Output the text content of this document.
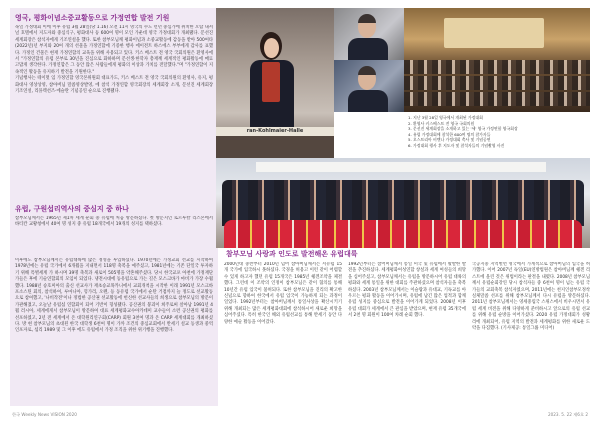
영국, 평화이념소중교활동으로 가정연합 발전 기원
독일 가정대회 이에 이후 유럽 3월 28일(당 1.16) 오전 11시 영국의 수도 런던 중심가에 위치한 오랍 내셔널 호텔에서 지도자와 중심식구, 평화대사 등 600여 명이 모인 가운데 영국 가정대회가 개최됐다. 문선진 세계회장은 참석자에게 기조연설을 했다. 또한 참부모님께 평화이념과 소중교활동에 감동을 받아 500여타(2022년)년 부지와 20여 개의 선물을 가정연합에 기증한 행사 에이전트 하스에스 부부에게 감사를 표했다. 가정인 건물은 현재 가정연합의 교육을 위해 사용되고 있다. 키스 베스트 전 영국 국회의원은 환영사에서 "가정연합의 유럽 본부로 30년을 진심으로 화하하며 문선생·한학자 총재께 세계적인 평화활동에 매료 고맙게 생각한다. 가정연합은 그 동안 많은 사람들에게 평화의 이상과 가치를 전달했다."며 "가정연합이 지속적인 활동을 유지하기 발전을 기원한다."
기념행사는 테이멋 임 가정연합 영국본위원회 대표가도, 키스 베스트 전 영국 국회의원의 환영사, 유지, 평화대사 영상상영, 참아버님 말씀영상발영, 에 참석 가정연합 영국회장의 세계회장 소개, 문선진 세계회장 기조연설, 리플렉션즈·에슬란 기념공연 순으로 진행됐다.
유럽, 구원섭리역사의 중심지 중 하나
참부모님께서는 1965년 제1차 세계 순회 중 유럽에 처음 방문하셨다. 첫 방문지인 로르투칼 리스본에서 바티칸 교황청에서 40여 명 성지 중 유럽 18개국에서 19개의 성지를 택하셨다.
이후에도 참부모님께서는 유럽대륙에 많은 정성을 투입하셨다. 1970년에는 가정교회 선교를 시작하여 1978년에는 유럽 국가에서 6개월을 지내면서 118명 축복을 예주셨고, 1981년에는 기존 단일국 투자하기 위해 특별세계 가 하시며 39명 축복과 새로이 505명을 약혼해주셨다. 당시 한국교포 아천에 가정재단가들은 후에 기술연합회의 모임이 되었다. 냉전시대에 동유럽으로 가는 길은 모스크바가 마비가 가장 수월했다. 1988년 승호미아의 출신 선교사가 재초승교목카니에서 교회개척을 시작한 이래 1991년 모스크바 포소스틴 회의, 참석하여, 루마니아, 헝가리, 오렌, 등 동유럽 국가에서 순탄 거점까지 늘 정도로 선교활동으로 참여했고, '나비작전'이나 정법한 공산권 선교활동에 헌신한 선교사들의 희생으로 참부모님의 방문이 가관해졌고, 오늘날 유럽섭 연합회이 되어 기반이 형성됐다. 공산권의 붕괴이 희주로써 살아남 1991년 4월 러시아, 세계에게서 참부모님이 방문하여 대표 세계평화교수아카데미 교수들이 소련 공산권의 평화를 선포하였고, 2년 전 세계에서 온 대학원리연구회(CARP) 회원 3천여 명과 온 CARP 세계대회를 개최하셨다. 방 현 참부모님의 초대된 한국 대학생 6천여 명이 가까 조건의 중심교회에서 반세기 설교 동생과 중역 인포자로, 섭리 1989 및 그 이후 에도 유럽에서 가정 조직을 위한 위기행을 진행했다.
ran-Kohlmaier-Halle
1. 지난 3월 28일 영국에서 개최된 가정대회
2. 환영사 키스베스트 전 영국 국회의원
3. 문선진 세계회장을 소개하고 있는 '세' 영국 가정연합 영국회장
4. 유럽 가정대회에 참석한 600여 명의 참가자들
5. 오스트리아 비엔나 가정대회 축사 및 기념공연
6. 가정대회 행사 후 지도자 및 참석자들의 기념촬영 사진
참부모님 사랑과 인도로 발전해온 유럽대륙
2000년대 중반부터 2010년 넘어 참아버님께서는 서유럽 15개 국가에 입국하시 못하셨다. 국경을 허용고 이런 같이 어렵할 수 있게 하고자 했던 유럽 15개국은 1985년 쉥겐조약을 체결했다. 그런데 이 조약의 인정이 참부모님은 같이 협의를 통해 10년간 유럽 입국이 불허되다. 또한 참부모님을 진리의 확고한 신념으로 향하여 한국에서 유럽 입국이 가능하게 되는 과정이 일었다. 1992년부터는 참아버님께서 통일사상을 확산시키기 위해 개최되는 많은 세계평화대회에 참석하시어 새로운 희망을 심어주셨다. 특히 한국인 해외 유럽선교를 통해 반세기 동안 다양한 예술 활동을 이어갔다.
1992년부터는 참어머님께서 통일 미국 및 유럽에서 활발한 발전을 추진하셨다. 세계평화여성연합 창설과 세계 여성들의 희망을 심어주셨고, 참부모님께서는 유럽을 방문하시어 유럽 대륙의 평화와 세계 통일을 위한 대회를 주관하셨으며 참석자들을 축복하셨다. 2003년 참부모님께서는 이슬람과 유대교, 기독교를 아우르는 평화 활동을 이어가시며, 유럽에 남긴 많은 업적과 함께 유럽 성지를 중심으로 발전을 이어가게 되었다. 2008년 이후 유럽 대회가 세계에서 큰 관심을 받았으며, 현재 유럽 35개국에서 2천 명 회원이 100여 차례 순회 했다.
국공지중 지역별면 영국에서 가계적으로 참아버님의 입국을 허가했다. 이어 2007년 독일(EU)연방법원은 참아버님께 쉥겐 리스트에 올린 것은 위법이라는 판결을 내렸다. 2008년 참부모님께서 유럽순회강연 당시 참석자들 중 6천여 명이 넘는 유럽 국가들의 교회축복 참석자였으며, 2011년에는 천지인참부모정착실체말씀 선포를 위해 참부모님께서 다시 유럽을 방문하셨다. 2011년 참부모님께서는 영세중립국 스위스에서 비우시면서 유럽 세계 비전을 위해 다양하게 준비하시고 앞으로의 유럽 선교를 위해 유럽 순방을 이어가셨다. 2020 유럽 가정대회가 성황리에 개최되어, 유럽 지역의 발전과 세계평화를 위한 새로운 도약을 다짐했다. (기사제공: 통일그룹 미디어)
한국 Weekly News VISION 2020	2023. 5. 22 제6호 2
